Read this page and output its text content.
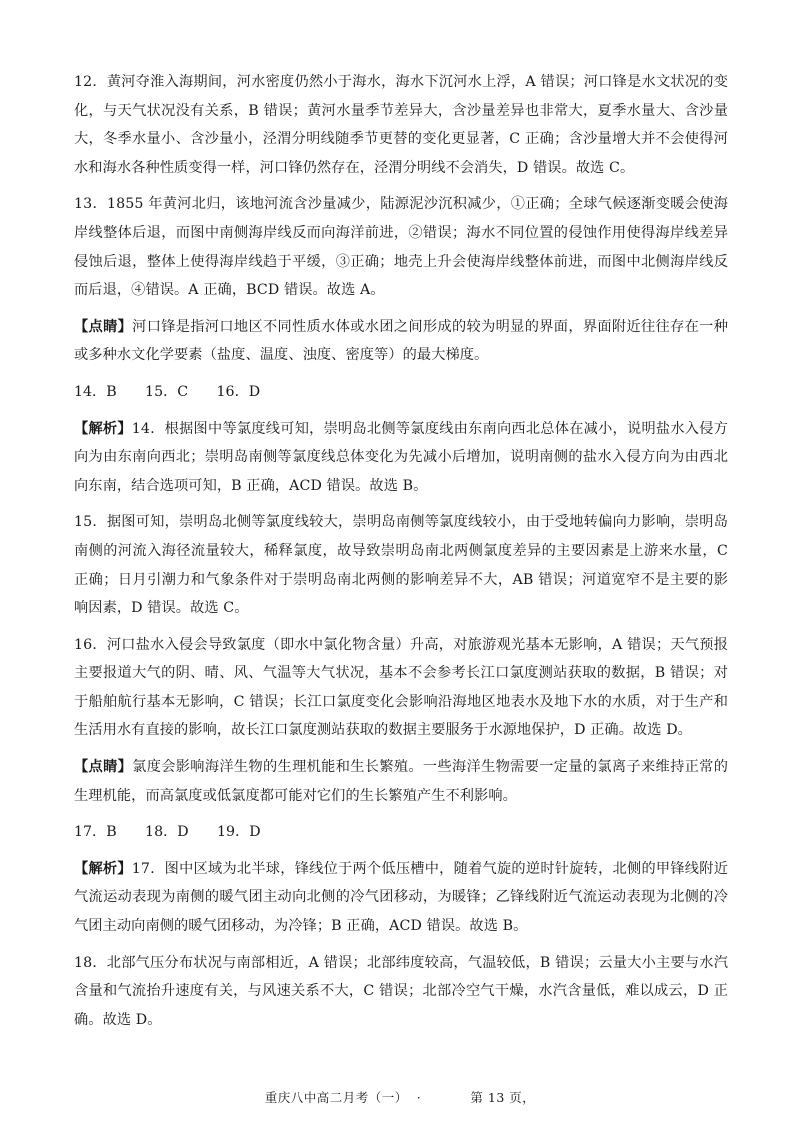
12．黄河夺淮入海期间，河水密度仍然小于海水，海水下沉河水上浮，A 错误；河口锋是水文状况的变化，与天气状况没有关系，B 错误；黄河水量季节差异大，含沙量差异也非常大，夏季水量大、含沙量大，冬季水量小、含沙量小，泾渭分明线随季节更替的变化更显著，C 正确；含沙量增大并不会使得河水和海水各种性质变得一样，河口锋仍然存在，泾渭分明线不会消失，D 错误。故选 C。

13．1855 年黄河北归，该地河流含沙量减少，陆源泥沙沉积减少，①正确；全球气候逐渐变暖会使海岸线整体后退，而图中南侧海岸线反而向海洋前进，②错误；海水不同位置的侵蚀作用使得海岸线差异侵蚀后退，整体上使得海岸线趋于平缓，③正确；地壳上升会使海岸线整体前进，而图中北侧海岸线反而后退，④错误。A 正确，BCD 错误。故选 A。

【点睛】河口锋是指河口地区不同性质水体或水团之间形成的较为明显的界面，界面附近往往存在一种或多种水文化学要素（盐度、温度、浊度、密度等）的最大梯度。

14．B　　15．C　　16．D

【解析】14．根据图中等氯度线可知，崇明岛北侧等氯度线由东南向西北总体在减小，说明盐水入侵方向为由东南向西北；崇明岛南侧等氯度线总体变化为先减小后增加，说明南侧的盐水入侵方向为由西北向东南，结合选项可知，B 正确，ACD 错误。故选 B。

15．据图可知，崇明岛北侧等氯度线较大，崇明岛南侧等氯度线较小，由于受地转偏向力影响，崇明岛南侧的河流入海径流量较大，稀释氯度，故导致崇明岛南北两侧氯度差异的主要因素是上游来水量，C 正确；日月引潮力和气象条件对于崇明岛南北两侧的影响差异不大，AB 错误；河道宽窄不是主要的影响因素，D 错误。故选 C。

16．河口盐水入侵会导致氯度（即水中氯化物含量）升高，对旅游观光基本无影响，A 错误；天气预报主要报道大气的阴、晴、风、气温等大气状况，基本不会参考长江口氯度测站获取的数据，B 错误；对于船舶航行基本无影响，C 错误；长江口氯度变化会影响沿海地区地表水及地下水的水质，对于生产和生活用水有直接的影响，故长江口氯度测站获取的数据主要服务于水源地保护，D 正确。故选 D。

【点睛】氯度会影响海洋生物的生理机能和生长繁殖。一些海洋生物需要一定量的氯离子来维持正常的生理机能，而高氯度或低氯度都可能对它们的生长繁殖产生不利影响。

17．B　　18．D　　19．D

【解析】17．图中区域为北半球，锋线位于两个低压槽中，随着气旋的逆时针旋转，北侧的甲锋线附近气流运动表现为南侧的暖气团主动向北侧的冷气团移动，为暖锋；乙锋线附近气流运动表现为北侧的冷气团主动向南侧的暖气团移动，为冷锋；B 正确，ACD 错误。故选 B。

18．北部气压分布状况与南部相近，A 错误；北部纬度较高，气温较低，B 错误；云量大小主要与水汽含量和气流抬升速度有关，与风速关系不大，C 错误；北部冷空气干燥，水汽含量低，难以成云，D 正确。故选 D。

重庆八中高二月考（一） ·	第 13 页，
